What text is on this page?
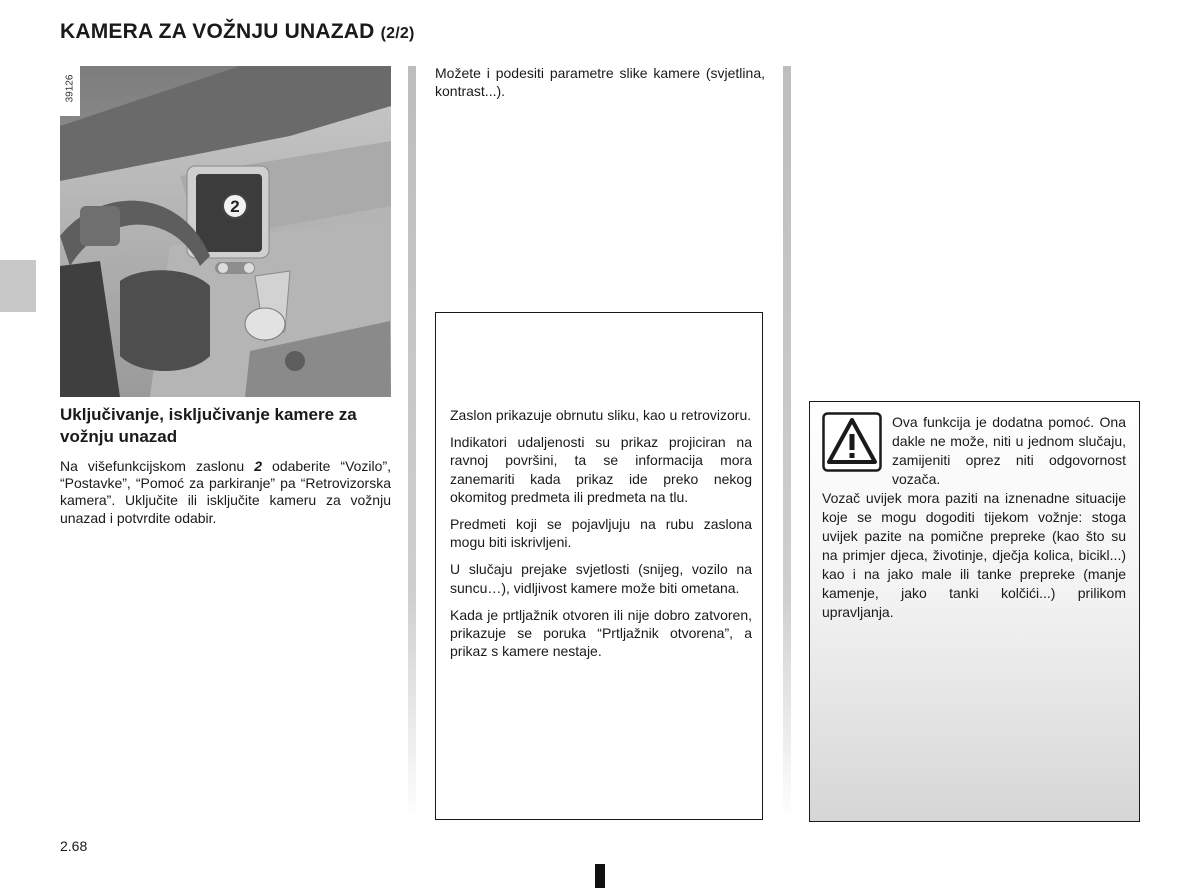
KAMERA ZA VOŽNJU UNAZAD (2/2)
2
39126
Uključivanje, isključivanje kamere za vožnju unazad

Na višefunkcijskom zaslonu 2 odaberite “Vozilo”, “Postavke”, “Pomoć za parkiranje” pa “Retrovizorska kamera”. Uključite ili isključite kameru za vožnju unazad i potvrdite odabir.

Možete i podesiti parametre slike kamere (svjetlina, kontrast...).

Zaslon prikazuje obrnutu sliku, kao u retrovizoru.

Indikatori udaljenosti su prikaz projiciran na ravnoj površini, ta se informacija mora zanemariti kada prikaz ide preko nekog okomitog predmeta ili predmeta na tlu.

Predmeti koji se pojavljuju na rubu zaslona mogu biti iskrivljeni.

U slučaju prejake svjetlosti (snijeg, vozilo na suncu…), vidljivost kamere može biti ometana.

Kada je prtljažnik otvoren ili nije dobro zatvoren, prikazuje se poruka “Prtljažnik otvorena”, a prikaz s kamere nestaje.

Ova funkcija je dodatna pomoć. Ona dakle ne može, niti u jednom slučaju, zamijeniti oprez niti odgovornost vozača.

Vozač uvijek mora paziti na iznenadne situacije koje se mogu dogoditi tijekom vožnje: stoga uvijek pazite na pomične prepreke (kao što su na primjer djeca, životinje, dječja kolica, bicikl...) kao i na jako male ili tanke prepreke (manje kamenje, jako tanki kolčići...) prilikom upravljanja.

2.68
